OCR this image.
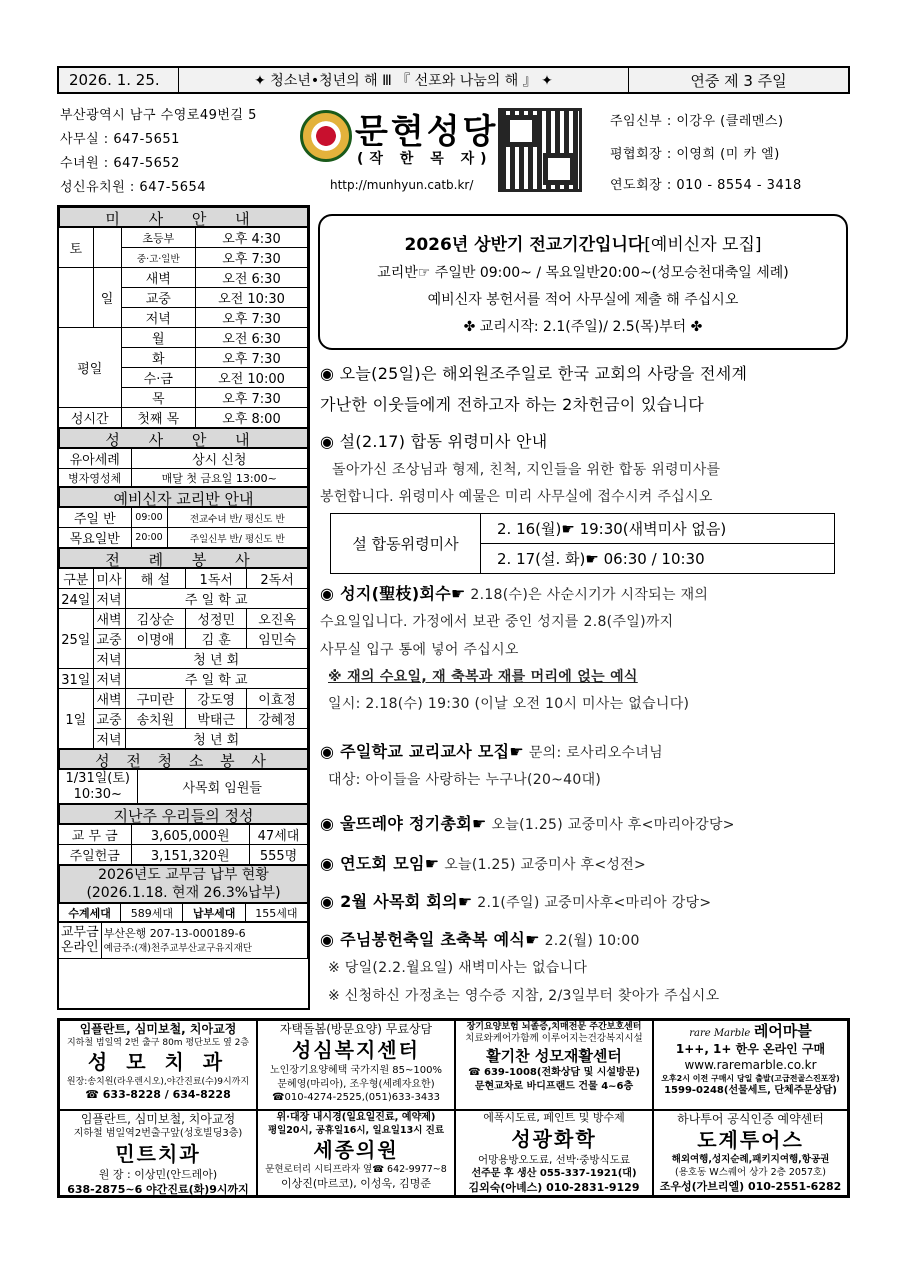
2026. 1. 25.	✦ 청소년•청년의 해 Ⅲ 『 선포와 나눔의 해 』 ✦	연중 제 3 주일
부산광역시 남구 수영로49번길 5
사무실 : 647-5651
수녀원 : 647-5652
성신유치원 : 647-5654
문현성당
(작 한 목 자)
http://munhyun.catb.kr/
주임신부 : 이강우 (클레멘스)
평협회장 : 이영희 (미 카 엘)
연도회장 : 010 - 8554 - 3418
미 사 안 내
토		초등부	오후 4:30
		중·고·일반	오후 7:30
	일	새벽	오전 6:30
		교중	오전 10:30
		저녁	오후 7:30
평일		월	오전 6:30
		화	오후 7:30
		수·금	오전 10:00
		목	오후 7:30
성시간		첫째 목	오후 8:00
성 사 안 내
유아세례	상시 신청
병자영성체	매달 첫 금요일 13:00~
예비신자 교리반 안내
주일 반	09:00	전교수녀 반/ 평신도 반
목요일반	20:00	주일신부 반/ 평신도 반
전 례 봉 사
구분	미사	해 설	1독서	2독서
24일	저녁	주 일 학 교		
25일	새벽	김상순	성정민	오진옥
	교중	이명애	김 훈	임민숙
	저녁	청 년 회		
31일	저녁	주 일 학 교		
1일	새벽	구미란	강도영	이효정
	교중	송치원	박태근	강혜정
	저녁	청 년 회		
성 전 청 소 봉 사
1/31일(토)
10:30~	사목회 임원들
지난주 우리들의 정성
교 무 금	3,605,000원	47세대
주일헌금	3,151,320원	555명
2026년도 교무금 납부 현황
(2026.1.18. 현재 26.3%납부)
수계세대	589세대	납부세대	155세대
교무금
온라인

부산은행 207-13-000189-6
예금주:(재)천주교부산교구유지재단
2026년 상반기 전교기간입니다[예비신자 모집]
교리반☞ 주일반 09:00~ / 목요일반20:00~(성모승천대축일 세례)
예비신자 봉헌서를 적어 사무실에 제출 해 주십시오
✤ 교리시작: 2.1(주일)/ 2.5(목)부터 ✤
◉ 오늘(25일)은 해외원조주일로 한국 교회의 사랑을 전세계
가난한 이웃들에게 전하고자 하는 2차헌금이 있습니다
◉ 설(2.17) 합동 위령미사 안내
돌아가신 조상님과 형제, 친척, 지인들을 위한 합동 위령미사를
봉헌합니다. 위령미사 예물은 미리 사무실에 접수시켜 주십시오
설 합동위령미사	2. 16(월)☛ 19:30(새벽미사 없음)
2. 17(설. 화)☛ 06:30 / 10:30
◉ 성지(聖枝)회수☛ 2.18(수)은 사순시기가 시작되는 재의
수요일입니다. 가정에서 보관 중인 성지를 2.8(주일)까지
사무실 입구 통에 넣어 주십시오
※ 재의 수요일, 재 축복과 재를 머리에 얹는 예식
일시: 2.18(수) 19:30 (이날 오전 10시 미사는 없습니다)
◉ 주일학교 교리교사 모집☛ 문의: 로사리오수녀님
대상: 아이들을 사랑하는 누구나(20~40대)
◉ 울뜨레야 정기총회☛ 오늘(1.25) 교중미사 후<마리아강당>
◉ 연도회 모임☛ 오늘(1.25) 교중미사 후<성전>
◉ 2월 사목회 회의☛ 2.1(주일) 교중미사후<마리아 강당>
◉ 주님봉헌축일 초축복 예식☛ 2.2(월) 10:00
※ 당일(2.2.월요일) 새벽미사는 없습니다
※ 신청하신 가정초는 영수증 지참, 2/3일부터 찾아가 주십시오
임플란트, 심미보철, 치아교정
지하철 범일역 2번 출구 80m 평단보도 옆 2층
성 모 치 과
원장:송치원(라우렌시오),야간진료(수)9시까지
☎ 633-8228 / 634-8228
자택돌봄(방문요양) 무료상담
성심복지센터
노인장기요양혜택 국가지원 85~100%
문혜영(마리아), 조우형(세례자요한)
☎010-4274-2525,(051)633-3433
장기요양보험 뇌졸증,치매전문 주간보호센터
치료와케어가함께 이루어지는건강복지시설
활기찬 성모재활센터
☎ 639-1008(전화상담 및 시설방문)
문현교차로 바디프랜드 건물 4~6층
rare Marble 레어마블
1++, 1+ 한우 온라인 구매
www.raremarble.co.kr
오후2시 이전 구매시 당일 출발(고급전골스진포장)
1599-0248(선물세트, 단체주문상담)
임플란트, 심미보철, 치아교정
지하철 범일역2번출구앞(성호빌딩3층)
민트치과
원 장 : 이상민(안드레아)
638-2875~6 야간진료(화)9시까지
위·대장 내시경(일요일진료, 예약제)
평일20시, 공휴일16시, 일요일13시 진료
세종의원
문현로터리 시티프라자 옆☎ 642-9977~8
이상진(마르코), 이성욱, 김명준
에폭시도료, 페인트 및 방수제
성광화학
어망용방오도료, 선박·중방식도료
선주문 후 생산 055-337-1921(대)
김외숙(아녜스) 010-2831-9129
하나투어 공식인증 예약센터
도계투어스
해외여행,성지순례,패키지여행,항공권
(용호동 W스퀘어 상가 2층 2057호)
조우성(가브리엘) 010-2551-6282
